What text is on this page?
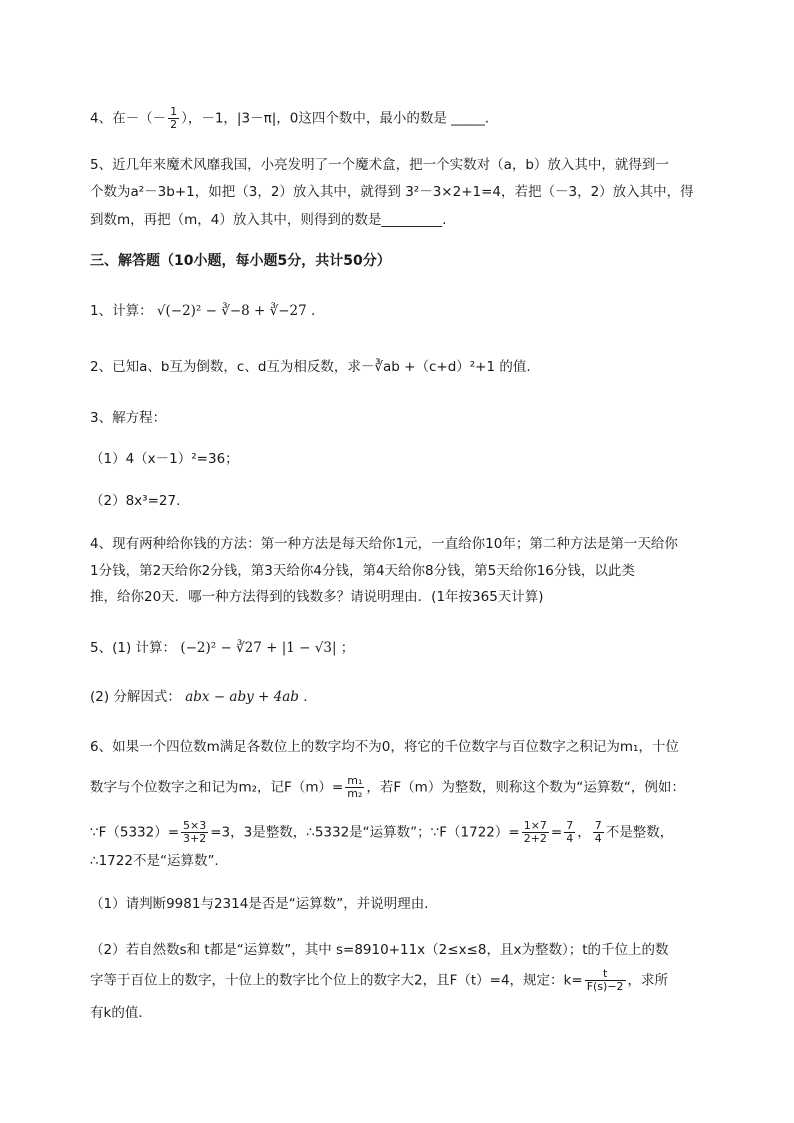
4、在－（－ $\frac{1}{2}$ ），－1，|3－π|，0这四个数中，最小的数是 _____.
5、近几年来魔术风靡我国，小亮发明了一个魔术盒，把一个实数对（a，b）放入其中，就得到一
个数为a²－3b+1，如把（3，2）放入其中，就得到 3²－3×2+1=4，若把（－3，2）放入其中，得
到数m，再把（m，4）放入其中，则得到的数是_________.
三、解答题（10小题，每小题5分，共计50分）
1、计算： √(−2)² − ∛−8 + ∛−27 .
2、已知a、b互为倒数，c、d互为相反数，求－∛ab +（c+d）²+1 的值.
3、解方程：
（1）4（x－1）²=36；
（2）8x³=27.
4、现有两种给你钱的方法：第一种方法是每天给你1元，一直给你10年；第二种方法是第一天给你
1分钱，第2天给你2分钱，第3天给你4分钱，第4天给你8分钱，第5天给你16分钱，以此类
推，给你20天．哪一种方法得到的钱数多？请说明理由．(1年按365天计算)
5、(1) 计算： (−2)² − ∛27 + |1 − √3| ；
(2) 分解因式： abx − aby + 4ab .
6、如果一个四位数m满足各数位上的数字均不为0，将它的千位数字与百位数字之积记为m₁，十位
数字与个位数字之和记为m₂，记$F(m)= \frac{\text{m₁}}{\text{m₂}}$ ，若F（m）为整数，则称这个数为“运算数“，例如：
∵F（5332）= $\frac{5\times 3}{3+2} =3$，3是整数，∴5332是“运算数”；∵F（1722）= $\frac{1\times 7}{2+2} = \frac{7}{4}$ ， $\frac{7}{4}$ 不是整数，
∴1722不是“运算数”.
（1）请判断9981与2314是否是“运算数”，并说明理由．
（2）若自然数s和 t都是“运算数”，其中 s=8910+11x（2≤x≤8，且x为整数）；t的千位上的数
字等于百位上的数字，十位上的数字比个位上的数字大2，且F（t）=4，规定：$k= \frac{t}{F(s)-2}$ ，求所
有k的值．
